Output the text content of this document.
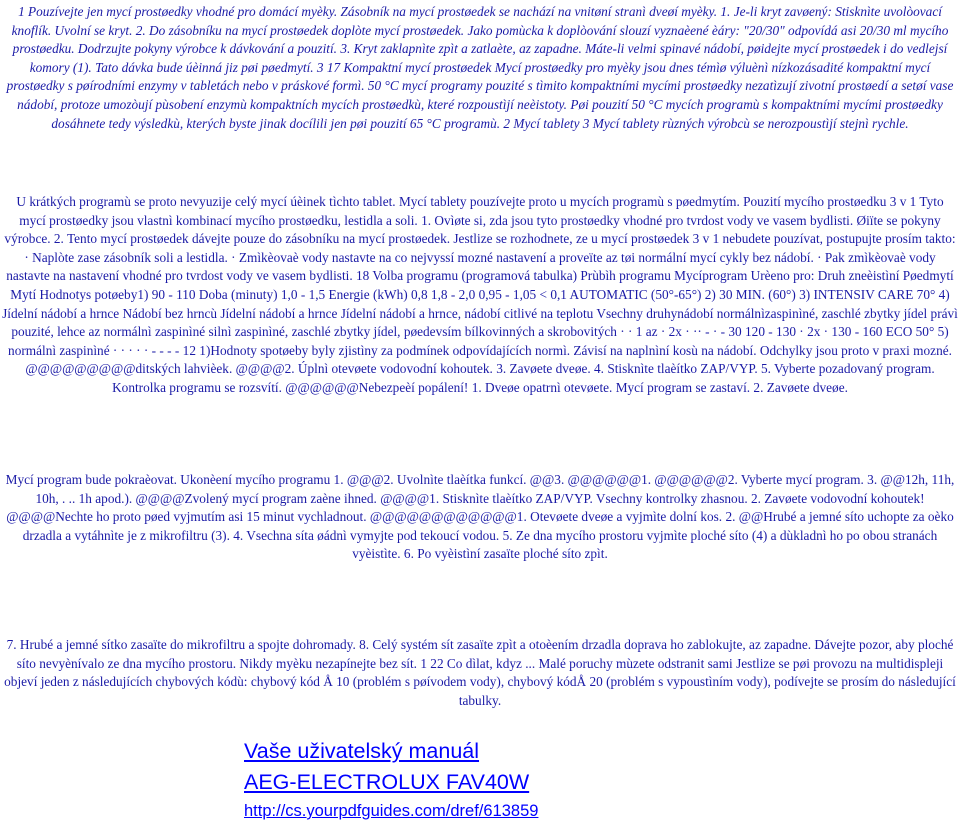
1 Pouzívejte jen mycí prostøedky vhodné pro domácí myèky. Zásobník na mycí prostøedek se nachází na vnitøní stranì dveøí myèky. 1. Je-li kryt zavøený: Stisknìte uvolòovací knoflík. Uvolní se kryt. 2. Do zásobníku na mycí prostøedek doplòte mycí prostøedek. Jako pomùcka k doplòování slouzí vyznaèené èáry: "20/30" odpovídá asi 20/30 ml mycího prostøedku. Dodrzujte pokyny výrobce k dávkování a pouzití. 3. Kryt zaklapnìte zpìt a zatlaète, az zapadne. Máte-li velmi spinavé nádobí, pøidejte mycí prostøedek i do vedlejsí komory (1). Tato dávka bude úèinná jiz pøi pøedmytí. 3 17 Kompaktní mycí prostøedek Mycí prostøedky pro myèky jsou dnes témìø výluènì nízkozásadité kompaktní mycí prostøedky s pøírodními enzymy v tabletách nebo v práskové formì. 50 °C mycí programy pouzité s tìmito kompaktními mycími prostøedky nezatìzují zivotní prostøedí a setøí vase nádobí, protoze umozòují pùsobení enzymù kompaktních mycích prostøedkù, které rozpoustìjí neèistoty. Pøi pouzití 50 °C mycích programù s kompaktními mycími prostøedky dosáhnete tedy výsledkù, kterých byste jinak docílili jen pøi pouzití 65 °C programù. 2 Mycí tablety 3 Mycí tablety rùzných výrobcù se nerozpoustìjí stejnì rychle.

U krátkých programù se proto nevyuzije celý mycí úèinek tìchto tablet. Mycí tablety pouzívejte proto u mycích programù s pøedmytím. Pouzití mycího prostøedku 3 v 1 Tyto mycí prostøedky jsou vlastnì kombinací mycího prostøedku, lestidla a soli. 1. Ovìøte si, zda jsou tyto prostøedky vhodné pro tvrdost vody ve vasem bydlisti. Øiïte se pokyny výrobce. 2. Tento mycí prostøedek dávejte pouze do zásobníku na mycí prostøedek. Jestlize se rozhodnete, ze u mycí prostøedek 3 v 1 nebudete pouzívat, postupujte prosím takto: · Naplòte zase zásobník soli a lestidla. · Zmìkèovaè vody nastavte na co nejvyssí mozné nastavení a proveïte az tøi normální mycí cykly bez nádobí. · Pak zmìkèovaè vody nastavte na nastavení vhodné pro tvrdost vody ve vasem bydlisti. 18 Volba programu (programová tabulka) Prùbìh programu Mycíprogram Urèeno pro: Druh zneèistìní Pøedmytí Mytí Hodnotys potøeby1) 90 - 110 Doba (minuty) 1,0 - 1,5 Energie (kWh) 0,8 1,8 - 2,0 0,95 - 1,05 < 0,1 AUTOMATIC (50°-65°) 2) 30 MIN. (60°) 3) INTENSIV CARE 70° 4) Jídelní nádobí a hrnce Nádobí bez hrncù Jídelní nádobí a hrnce Jídelní nádobí a hrnce, nádobí citlivé na teplotu Vsechny druhynádobí normálnìzaspinìné, zaschlé zbytky jídel právì pouzité, lehce az normálnì zaspinìné silnì zaspinìné, zaschlé zbytky jídel, pøedevsím bílkovinných a skrobovitých · · 1 az · 2x · ·· - · - 30 120 - 130 · 2x · 130 - 160 ECO 50° 5) normálnì zaspinìné · · · · · - - - - 12 1)Hodnoty spotøeby byly zjistìny za podmínek odpovídajících normì. Závisí na naplnìní kosù na nádobí. Odchylky jsou proto v praxi mozné. @@@@@@@@@ditských lahvièek. @@@@2. Úplnì otevøete vodovodní kohoutek. 3. Zavøete dveøe. 4. Stisknìte tlaèítko ZAP/VYP. 5. Vyberte pozadovaný program. Kontrolka programu se rozsvítí. @@@@@@Nebezpeèí popálení! 1. Dveøe opatrnì otevøete. Mycí program se zastaví. 2. Zavøete dveøe.

Mycí program bude pokraèovat. Ukonèení mycího programu 1. @@@2. Uvolnìte tlaèítka funkcí. @@3. @@@@@@1. @@@@@@2. Vyberte mycí program. 3. @@12h, 11h, 10h, . .. 1h apod.). @@@@Zvolený mycí program zaène ihned. @@@@1. Stisknìte tlaèítko ZAP/VYP. Vsechny kontrolky zhasnou. 2. Zavøete vodovodní kohoutek! @@@@Nechte ho proto pøed vyjmutím asi 15 minut vychladnout. @@@@@@@@@@@@1. Otevøete dveøe a vyjmìte dolní kos. 2. @@Hrubé a jemné síto uchopte za oèko drzadla a vytáhnìte je z mikrofiltru (3). 4. Vsechna síta øádnì vymyjte pod tekoucí vodou. 5. Ze dna mycího prostoru vyjmìte ploché síto (4) a dùkladnì ho po obou stranách vyèistìte. 6. Po vyèistìní zasaïte ploché síto zpìt.

7. Hrubé a jemné sítko zasaïte do mikrofiltru a spojte dohromady. 8. Celý systém sít zasaïte zpìt a otoèením drzadla doprava ho zablokujte, az zapadne. Dávejte pozor, aby ploché síto nevyènívalo ze dna mycího prostoru. Nikdy myèku nezapínejte bez sít. 1 22 Co dìlat, kdyz ... Malé poruchy mùzete odstranit sami Jestlize se pøi provozu na multidispleji objeví jeden z následujících chybových kódù: chybový kód Å 10 (problém s pøívodem vody), chybový kódÅ 20 (problém s vypoustìním vody), podívejte se prosím do následující tabulky.

Vaše uživatelský manuál
AEG-ELECTROLUX FAV40W
http://cs.yourpdfguides.com/dref/613859
